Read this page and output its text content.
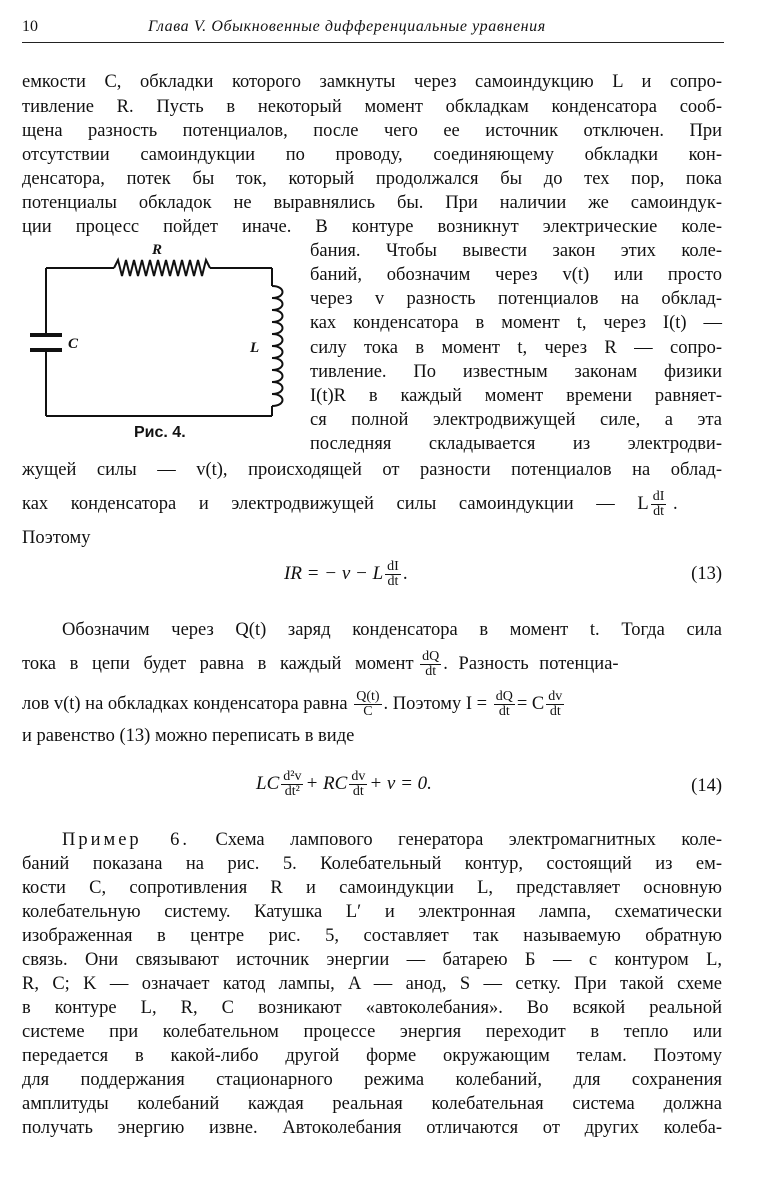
10	Глава V. Обыкновенные дифференциальные уравнения
емкости C, обкладки которого замкнуты через самоиндукцию L и сопро-
тивление R. Пусть в некоторый момент обкладкам конденсатора сооб-
щена разность потенциалов, после чего ее источник отключен. При
отсутствии самоиндукции по проводу, соединяющему обкладки кон-
денсатора, потек бы ток, который продолжался бы до тех пор, пока
потенциалы обкладок не выравнялись бы. При наличии же самоиндук-
ции процесс пойдет иначе. В контуре возникнут электрические коле-
R
C	L
Рис. 4.
бания. Чтобы вывести закон этих коле-
баний, обозначим через v(t) или просто
через v разность потенциалов на обклад-
ках конденсатора в момент t, через I(t) —
силу тока в момент t, через R — сопро-
тивление. По известным законам физики
I(t)R в каждый момент времени равняет-
ся полной электродвижущей силе, а эта
последняя складывается из электродви-
жущей силы — v(t), происходящей от разности потенциалов на облад-
ках конденсатора и электродвижущей силы самоиндукции — L $\frac{dI}{dt}$ .
Поэтому
IR = − v − L $\frac{dI}{dt}$ .	(13)
Обозначим через Q(t) заряд конденсатора в момент t. Тогда сила
тока в цепи будет равна в каждый момент $\frac{dQ}{dt}$ . Разность потенциа-
лов v(t) на обкладках конденсатора равна $\frac{Q(t)}{C}$ . Поэтому $I = \frac{dQ}{dt} = C \frac{dv}{dt}$
и равенство (13) можно переписать в виде
LC $\frac{\text{d²v}}{\text{dt²}}$ + RC $\frac{dv}{dt} + v = 0$.	(14)
Пример 6. Схема лампового генератора электромагнитных коле-
баний показана на рис. 5. Колебательный контур, состоящий из ем-
кости C, сопротивления R и самоиндукции L, представляет основную
колебательную систему. Катушка L′ и электронная лампа, схематически
изображенная в центре рис. 5, составляет так называемую обратную
связь. Они связывают источник энергии — батарею Б — с контуром L,
R, C; K — означает катод лампы, A — анод, S — сетку. При такой схеме
в контуре L, R, C возникают «автоколебания». Во всякой реальной
системе при колебательном процессе энергия переходит в тепло или
передается в какой-либо другой форме окружающим телам. Поэтому
для поддержания стационарного режима колебаний, для сохранения
амплитуды колебаний каждая реальная колебательная система должна
получать энергию извне. Автоколебания отличаются от других колеба-
